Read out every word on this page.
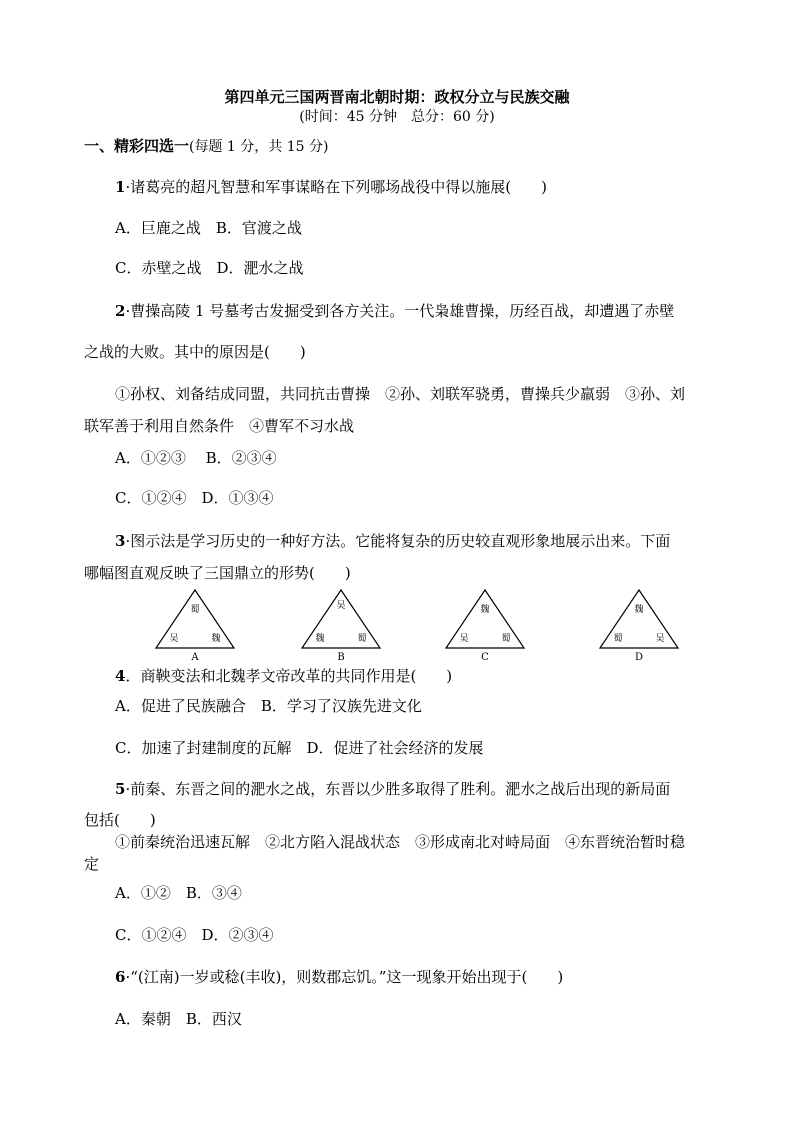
第四单元三国两晋南北朝时期：政权分立与民族交融
(时间：45 分钟　总分：60 分)
一、精彩四选一(每题 1 分，共 15 分)
1·诸葛亮的超凡智慧和军事谋略在下列哪场战役中得以施展(　　)
A．巨鹿之战　B．官渡之战
C．赤壁之战　D．淝水之战
2·曹操高陵 1 号墓考古发掘受到各方关注。一代枭雄曹操，历经百战，却遭遇了赤壁
之战的大败。其中的原因是(　　)
①孙权、刘备结成同盟，共同抗击曹操　②孙、刘联军骁勇，曹操兵少羸弱　③孙、刘
联军善于利用自然条件　④曹军不习水战
A．①②③　 B．②③④
C．①②④　D．①③④
3·图示法是学习历史的一种好方法。它能将复杂的历史较直观形象地展示出来。下面
哪幅图直观反映了三国鼎立的形势(　　)
蜀
吴	魏
A
吴
魏	蜀
B
魏
吴	蜀
C
魏
蜀	吴
D
4．商鞅变法和北魏孝文帝改革的共同作用是(　　)
A．促进了民族融合　B．学习了汉族先进文化
C．加速了封建制度的瓦解　D．促进了社会经济的发展
5·前秦、东晋之间的淝水之战，东晋以少胜多取得了胜利。淝水之战后出现的新局面
包括(　　)
①前秦统治迅速瓦解　②北方陷入混战状态　③形成南北对峙局面　④东晋统治暂时稳
定
A．①②　B．③④
C．①②④　D．②③④
6·“(江南)一岁或稔(丰收)，则数郡忘饥。”这一现象开始出现于(　　)
A．秦朝　B．西汉
